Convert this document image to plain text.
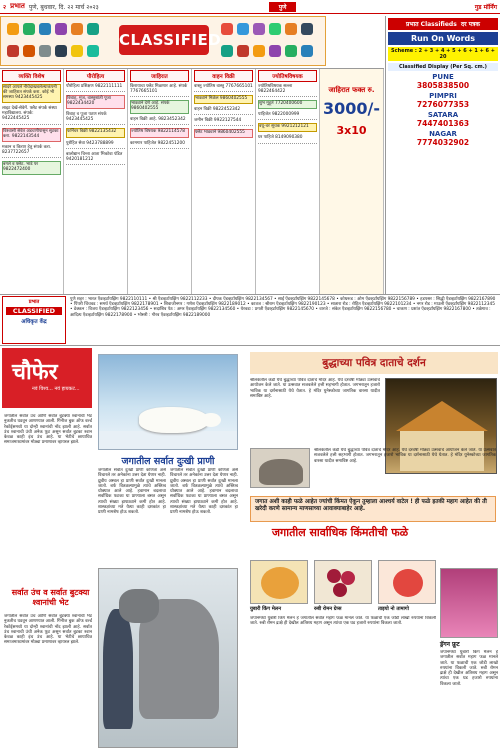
२ प्रभात पुणे, बुधवार, दि. २२ मार्च २०२३	पुणे	गुड मॉर्निंग
CLASSIFIED
व्यक्ति विशेष
सादरे आपले नीचेदाखवलेल्याकंपनी की जाहिरात संपर्क करा. कोई भी समस्या 9423445425
लाइट देखें-सेवेमें. फ्लैट संपर्क संस्था महाविद्यालय. संपर्क: 9422445425
विश्वासी सेवेत अडचणीपासून सुटका करा. 9822143544
मकान व किराए हेतु संपर्क करा. 8237722657
बंगले व फ्लैट. भाडे पर 9822472400
पौरोहित्य
पौरोहित्य प्रशिक्षण 9822111111
विवाह, मुंज, वास्तुशांती पूजा 9822434420
विवाह व पूजा पठण संपर्क 9423445425
फर्निचर विक्री 9822135432
पुरोहित सेवा 9423788899
बालोद्यान चिन्ता आता भिकोवा पंडित 9420181212
जाहिरात
किरायाचा फ्लैट मिळणार आहे. संपर्क 7767665101
भाड्याने देणे आहे. संपर्क 9860402555
वाहन विक्री आहे. 9823452342
ज्योतिष विषयक 9822114578
कामगार पाहिजेत 9822451200
वाहन विक्री
वास्तु ज्योतिष वास्तु 7767665101
भाड्याने मिळेल 9860402555
वाहन विक्री 9822452342
जमीन विक्री 9922127544
फ्लैट भाड्याने 9860402555
ज्योतिषविषयक
ज्योतिषविषयक सल्ला 9822464422
शुभ मुहूर्त 7720400600
पाहिजेत 9822000999
वधू-वर सूचक 9921212121
घर पाहिजे 8149090380
जाहिरात फक्त रु.
3000/-
3x10
प्रभात Classifieds दर पत्रक
Run On Words
Scheme : 2 + 3 + 4 + 5 + 6 + 1 + 6 + 20
Classified Display (Per Sq. cm.)
PUNE
3805838500
PIMPRI
7276077353
SATARA
7447401363
NAGAR
7774032902
पुणे शहर : भारत ऍडव्हर्टायझिंग 9822110111 • श्री ऍडव्हर्टायझिंग 9822112233 • दीपक ऍडव्हर्टायझिंग 9822134567 • साई ऍडव्हर्टायझिंग 9822145678 • कोथरूड : ओम ऍडव्हर्टायझिंग 9822156789 • हडपसर : सिद्धी ऍडव्हर्टायझिंग 9822167890 • पिंपरी चिंचवड : समर्थ ऍडव्हर्टायझिंग 9822178901 • शिवाजीनगर : गणेश ऍडव्हर्टायझिंग 9822189012 • कात्रज : श्रीराम ऍडव्हर्टायझिंग 9822190123 • सातारा रोड : रोहित ऍडव्हर्टायझिंग 9822101234 • नगर रोड : माउली ऍडव्हर्टायझिंग 9822112345 • डेक्कन : विजय ऍडव्हर्टायझिंग 9822123456 • सदाशिव पेठ : अमर ऍडव्हर्टायझिंग 9822134560 • येरवडा : प्रगती ऍडव्हर्टायझिंग 9822145670 • वारजे : संकेत ऍडव्हर्टायझिंग 9822156780 • चाकण : प्रशांत ऍडव्हर्टायझिंग 9822167800 • तळेगाव : आदित्य ऍडव्हर्टायझिंग 9822178900 • भोसरी : गौरव ऍडव्हर्टायझिंग 9822189000
प्रभात
CLASSIFIED
अधिकृत केंद्र
चौफेर
नवं विश्व... नवं हायकट...
जगातील सर्वात उंच आणि सर्वात बुटक्या श्वानांची भेट नुकतीच घडवून आणण्यात आली. गिनीज बुक ऑफ वर्ल्ड रेकॉर्ड्समध्ये या दोन्ही श्वानांची नोंद झाली आहे. सर्वात उंच श्वानाची उंची अनेक फूट असून सर्वात बुटका श्वान केवळ काही इंच उंच आहे. या भेटीचे छायाचित्र समाजमाध्यमांवर मोठ्या प्रमाणावर व्हायरल झाले.
सर्वात उंच व सर्वात बुटक्या श्वानांची भेट
जगातील सर्वात उंच आणि सर्वात बुटक्या श्वानांची भेट नुकतीच घडवून आणण्यात आली. गिनीज बुक ऑफ वर्ल्ड रेकॉर्ड्समध्ये या दोन्ही श्वानांची नोंद झाली आहे. सर्वात उंच श्वानाची उंची अनेक फूट असून सर्वात बुटका श्वान केवळ काही इंच उंच आहे. या भेटीचे छायाचित्र समाजमाध्यमांवर मोठ्या प्रमाणावर व्हायरल झाले.
जगातील सर्वात दुःखी प्राणी
जगातील सर्वात दुःखी प्राणी कोणता असे विचारले तर अनेकांना उत्तर देता येणार नाही. ध्रुवीय अस्वल हा प्राणी सर्वात दुःखी मानला जातो. बर्फ वितळल्यामुळे त्याचे अस्तित्व धोक्यात आले आहे. हवामान बदलाचा सर्वाधिक फटका या प्राण्याला बसत असून त्याची संख्या झपाट्याने कमी होत आहे. शास्त्रज्ञांच्या मते येत्या काही दशकांत हा प्राणी नामशेष होऊ शकतो.
जगातील सर्वात दुःखी प्राणी कोणता असे विचारले तर अनेकांना उत्तर देता येणार नाही. ध्रुवीय अस्वल हा प्राणी सर्वात दुःखी मानला जातो. बर्फ वितळल्यामुळे त्याचे अस्तित्व धोक्यात आले आहे. हवामान बदलाचा सर्वाधिक फटका या प्राण्याला बसत असून त्याची संख्या झपाट्याने कमी होत आहे. शास्त्रज्ञांच्या मते येत्या काही दशकांत हा प्राणी नामशेष होऊ शकतो.
बुद्धाच्या पवित्र दाताचे दर्शन
श्रीलंकेतील कँडी येथे बुद्धाच्या पवित्र दाताचे मंदिर आहे. येथे दरवर्षी मोठ्या उत्सवाचे आयोजन केले जाते. या उत्सवात सजवलेले हत्ती सहभागी होतात. जगभरातून हजारो भाविक या दर्शनासाठी येथे येतात. हे मंदिर युनेस्कोच्या जागतिक वारसा यादीत समाविष्ट आहे.
श्रीलंकेतील कँडी येथे बुद्धाच्या पवित्र दाताचे मंदिर आहे. येथे दरवर्षी मोठ्या उत्सवाचे आयोजन केले जाते. या उत्सवात सजवलेले हत्ती सहभागी होतात. जगभरातून हजारो भाविक या दर्शनासाठी येथे येतात. हे मंदिर युनेस्कोच्या जागतिक वारसा यादीत समाविष्ट आहे.
जगात अशी काही फळे आहेत ज्यांची किंमत ऐकून तुम्हाला आश्चर्य वाटेल ! ही फळे इतकी महाग आहेत की ती खरेदी करणे सामान्य माणसाच्या आवाक्याबाहेर आहे.
जगातील सार्वाधिक किंमतीची फळे
युबारी किंग मेलन	रुबी रोमन ग्रेप्स	ताइयो नो तामागो
जपानमध्ये युबारी किंग मेलन हे जगातील सर्वात महाग फळ मानले जाते. या फळाची एक जोडी लाखो रुपयांना विकली जाते. रुबी रोमन द्राक्षे ही देखील अतिशय महाग असून त्यांचा एक घड हजारो रुपयांना विकला जातो.
ड्रॅगन फ्रूट
जपानमध्ये युबारी किंग मेलन हे जगातील सर्वात महाग फळ मानले जाते. या फळाची एक जोडी लाखो रुपयांना विकली जाते. रुबी रोमन द्राक्षे ही देखील अतिशय महाग असून त्यांचा एक घड हजारो रुपयांना विकला जातो.
